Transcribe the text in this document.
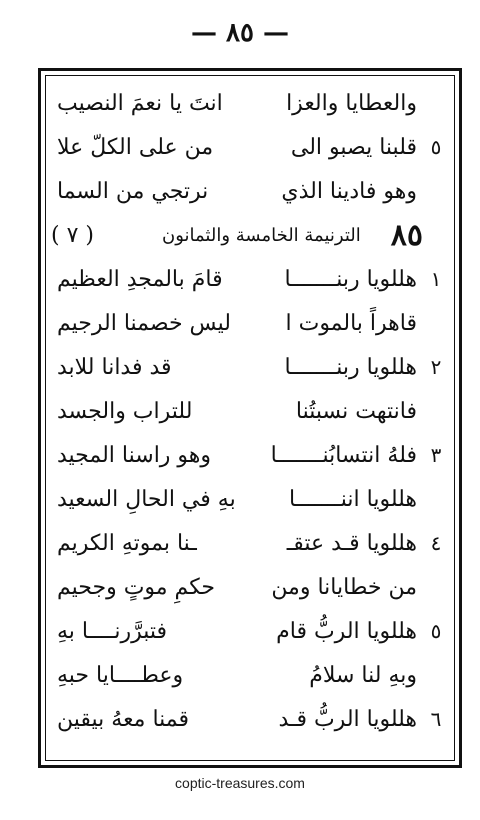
— ٨٥ —
والعطايا والعزا
انتَ يا نعمَ النصيب
٥
قلبنا يصبو الى
من على الكلّ علا
وهو فادينا الذي
نرتجي من السما
٨٥
الترنيمة الخامسة والثمانون
( ٧ )
١
هللويا ربنـــــــا
قامَ بالمجدِ العظيم
قاهراً بالموت ا
ليس خصمنا الرجيم
٢
هللويا ربنـــــــا
قد فدانا للابد
فانتهت نسبتُنا
للتراب والجسد
٣
فلهُ انتسابُنـــــــا
وهو راسنا المجيد
هللويا اننـــــــا
بهِ في الحالِ السعيد
٤
هللويا قـد عتقـ
ـنا بموتهِ الكريم
من خطايانا ومن
حكمِ موتٍ وجحيم
٥
هللويا الربُّ قام
فتبرَّرنــــا بهِ
وبهِ لنا سلامُ
وعطــــايا حبهِ
٦
هللويا الربُّ قـد
قمنا معهُ بيقين
coptic-treasures.com
